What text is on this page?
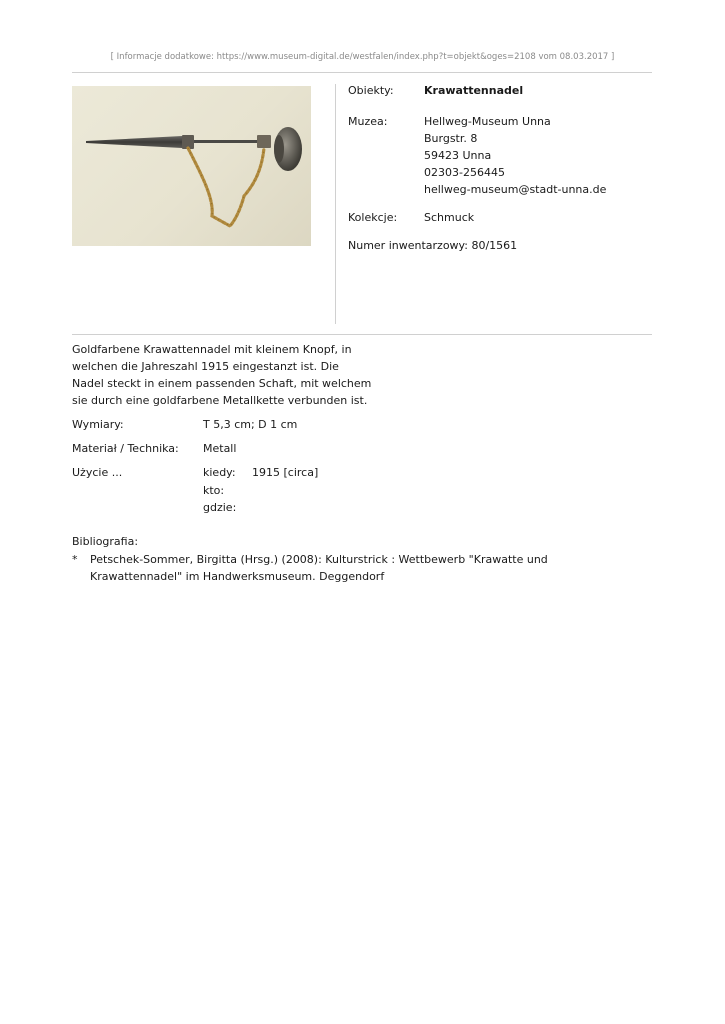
[ Informacje dodatkowe: https://www.museum-digital.de/westfalen/index.php?t=objekt&oges=2108 vom 08.03.2017 ]
Obiekty:	Krawattennadel
Muzea:	Hellweg-Museum Unna
Burgstr. 8
59423 Unna
02303-256445
hellweg-museum@stadt-unna.de
Kolekcje: Schmuck
Numer inwentarzowy: 80/1561
Goldfarbene Krawattennadel mit kleinem Knopf, in welchen die Jahreszahl 1915 eingestanzt ist. Die Nadel steckt in einem passenden Schaft, mit welchem sie durch eine goldfarbene Metallkette verbunden ist.
Wymiary:	T 5,3 cm; D 1 cm
Materiał / Technika: Metall
Użycie ...	kiedy: 1915 [circa]
kto:
gdzie:
Bibliografia:
* Petschek-Sommer, Birgitta (Hrsg.) (2008): Kulturstrick : Wettbewerb "Krawatte und Krawattennadel" im Handwerksmuseum. Deggendorf
